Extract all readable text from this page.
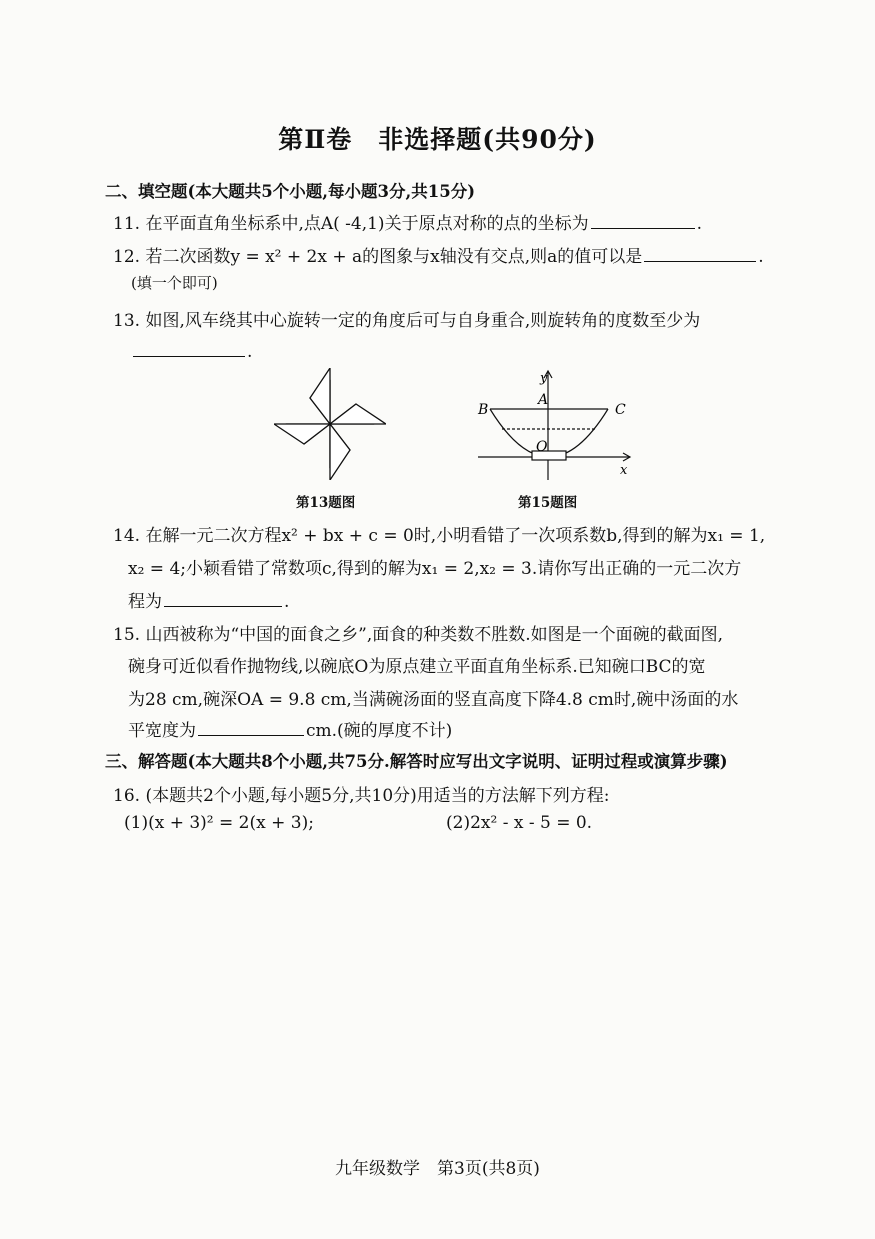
第Ⅱ卷　非选择题(共90分)
二、填空题(本大题共5个小题,每小题3分,共15分)
11. 在平面直角坐标系中,点A( -4,1)关于原点对称的点的坐标为	.
12. 若二次函数y = x² + 2x + a的图象与x轴没有交点,则a的值可以是	.
(填一个即可)
13. 如图,风车绕其中心旋转一定的角度后可与自身重合,则旋转角的度数至少为
.
第13题图
y
A
B	C
O
x
第15题图
14. 在解一元二次方程x² + bx + c = 0时,小明看错了一次项系数b,得到的解为x₁ = 1,
x₂ = 4;小颖看错了常数项c,得到的解为x₁ = 2,x₂ = 3.请你写出正确的一元二次方
程为	.
15. 山西被称为“中国的面食之乡”,面食的种类数不胜数.如图是一个面碗的截面图,
碗身可近似看作抛物线,以碗底O为原点建立平面直角坐标系.已知碗口BC的宽
为28 cm,碗深OA = 9.8 cm,当满碗汤面的竖直高度下降4.8 cm时,碗中汤面的水
平宽度为	cm.(碗的厚度不计)
三、解答题(本大题共8个小题,共75分.解答时应写出文字说明、证明过程或演算步骤)
16. (本题共2个小题,每小题5分,共10分)用适当的方法解下列方程:
(1)(x + 3)² = 2(x + 3);	(2)2x² - x - 5 = 0.
九年级数学　第3页(共8页)
